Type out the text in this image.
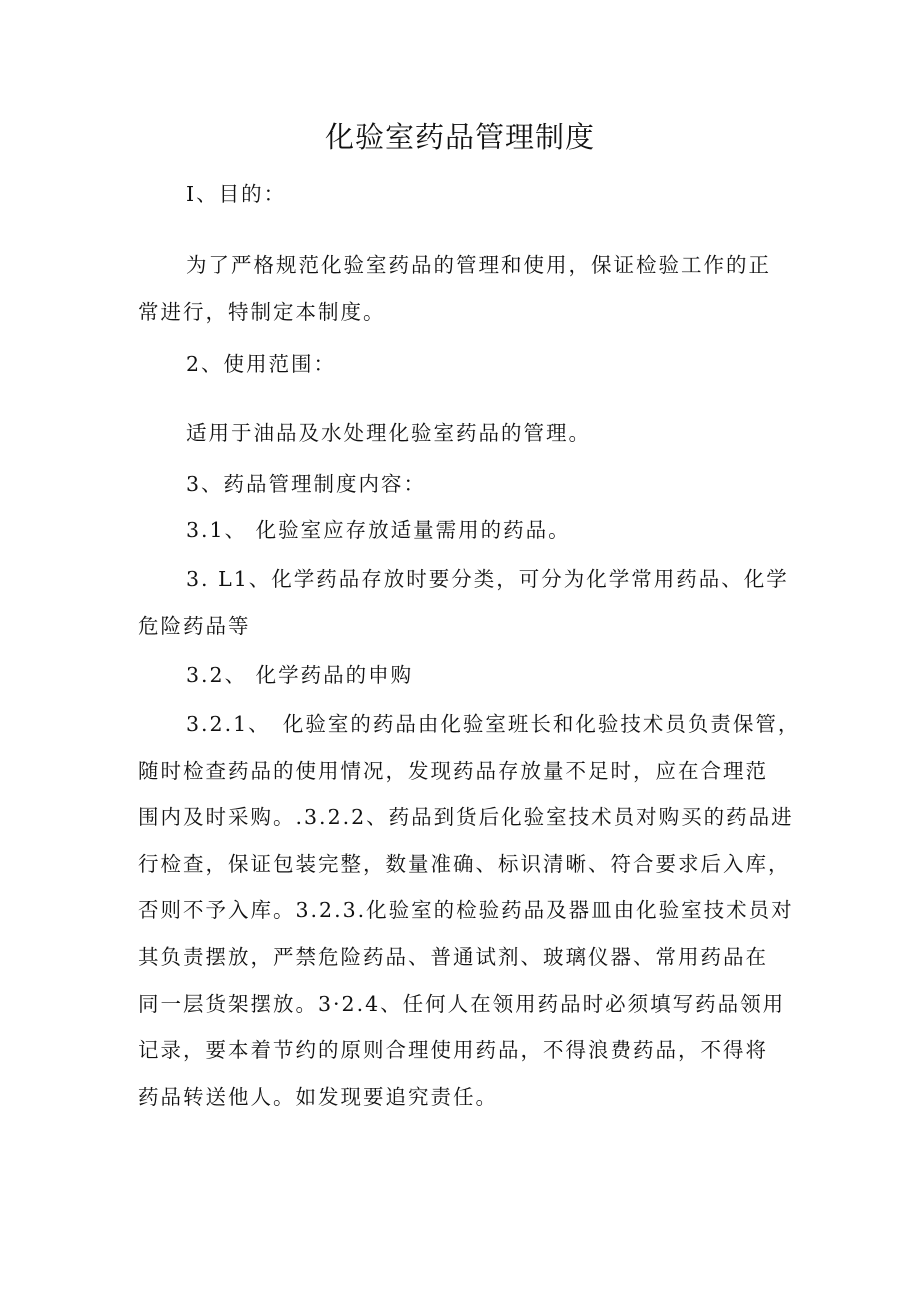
化验室药品管理制度

I、目的：

为了严格规范化验室药品的管理和使用，保证检验工作的正
常进行，特制定本制度。

2、使用范围：

适用于油品及水处理化验室药品的管理。

3、药品管理制度内容：

3.1、 化验室应存放适量需用的药品。

3. L1、化学药品存放时要分类，可分为化学常用药品、化学
危险药品等

3.2、 化学药品的申购

3.2.1、　化验室的药品由化验室班长和化验技术员负责保管，
随时检查药品的使用情况，发现药品存放量不足时，应在合理范
围内及时采购。.3.2.2、药品到货后化验室技术员对购买的药品进
行检查，保证包装完整，数量准确、标识清晰、符合要求后入库，
否则不予入库。3.2.3.化验室的检验药品及器皿由化验室技术员对
其负责摆放，严禁危险药品、普通试剂、玻璃仪器、常用药品在
同一层货架摆放。3·2.4、任何人在领用药品时必须填写药品领用
记录，要本着节约的原则合理使用药品，不得浪费药品，不得将
药品转送他人。如发现要追究责任。
